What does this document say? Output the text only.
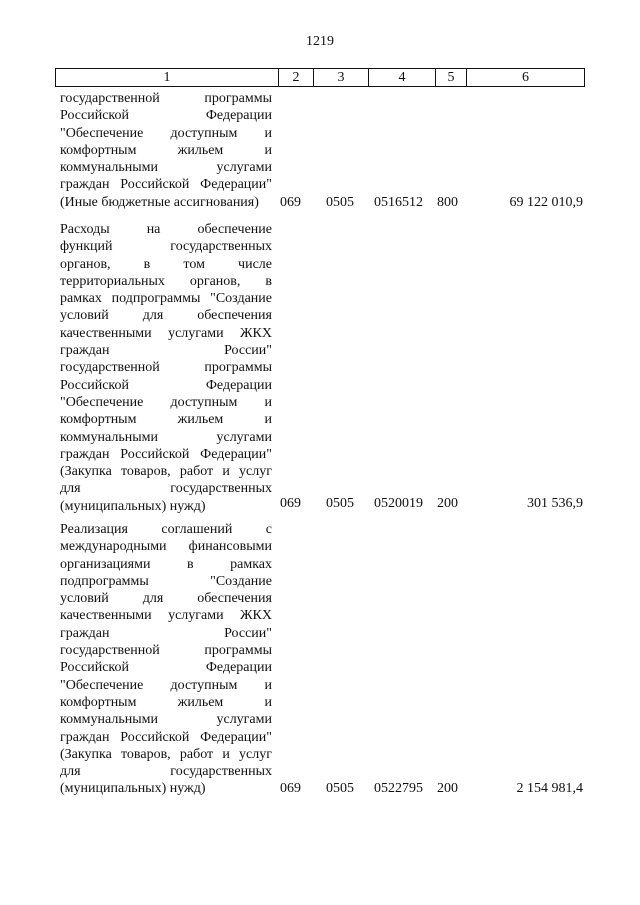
1219
1	2	3	4	5	6
государственной программы
Российской Федерации
"Обеспечение доступным и
комфортным жильем и
коммунальными услугами
граждан Российской Федерации"
(Иные бюджетные ассигнования)	069 0505 0516512 800	69 122 010,9
Расходы на обеспечение
функций государственных
органов, в том числе
территориальных органов, в
рамках подпрограммы "Создание
условий для обеспечения
качественными услугами ЖКХ
граждан России"
государственной программы
Российской Федерации
"Обеспечение доступным и
комфортным жильем и
коммунальными услугами
граждан Российской Федерации"
(Закупка товаров, работ и услуг
для государственных
(муниципальных) нужд)	069 0505 0520019 200	301 536,9
Реализация соглашений с
международными финансовыми
организациями в рамках
подпрограммы "Создание
условий для обеспечения
качественными услугами ЖКХ
граждан России"
государственной программы
Российской Федерации
"Обеспечение доступным и
комфортным жильем и
коммунальными услугами
граждан Российской Федерации"
(Закупка товаров, работ и услуг
для государственных
(муниципальных) нужд)	069 0505 0522795 200	2 154 981,4
